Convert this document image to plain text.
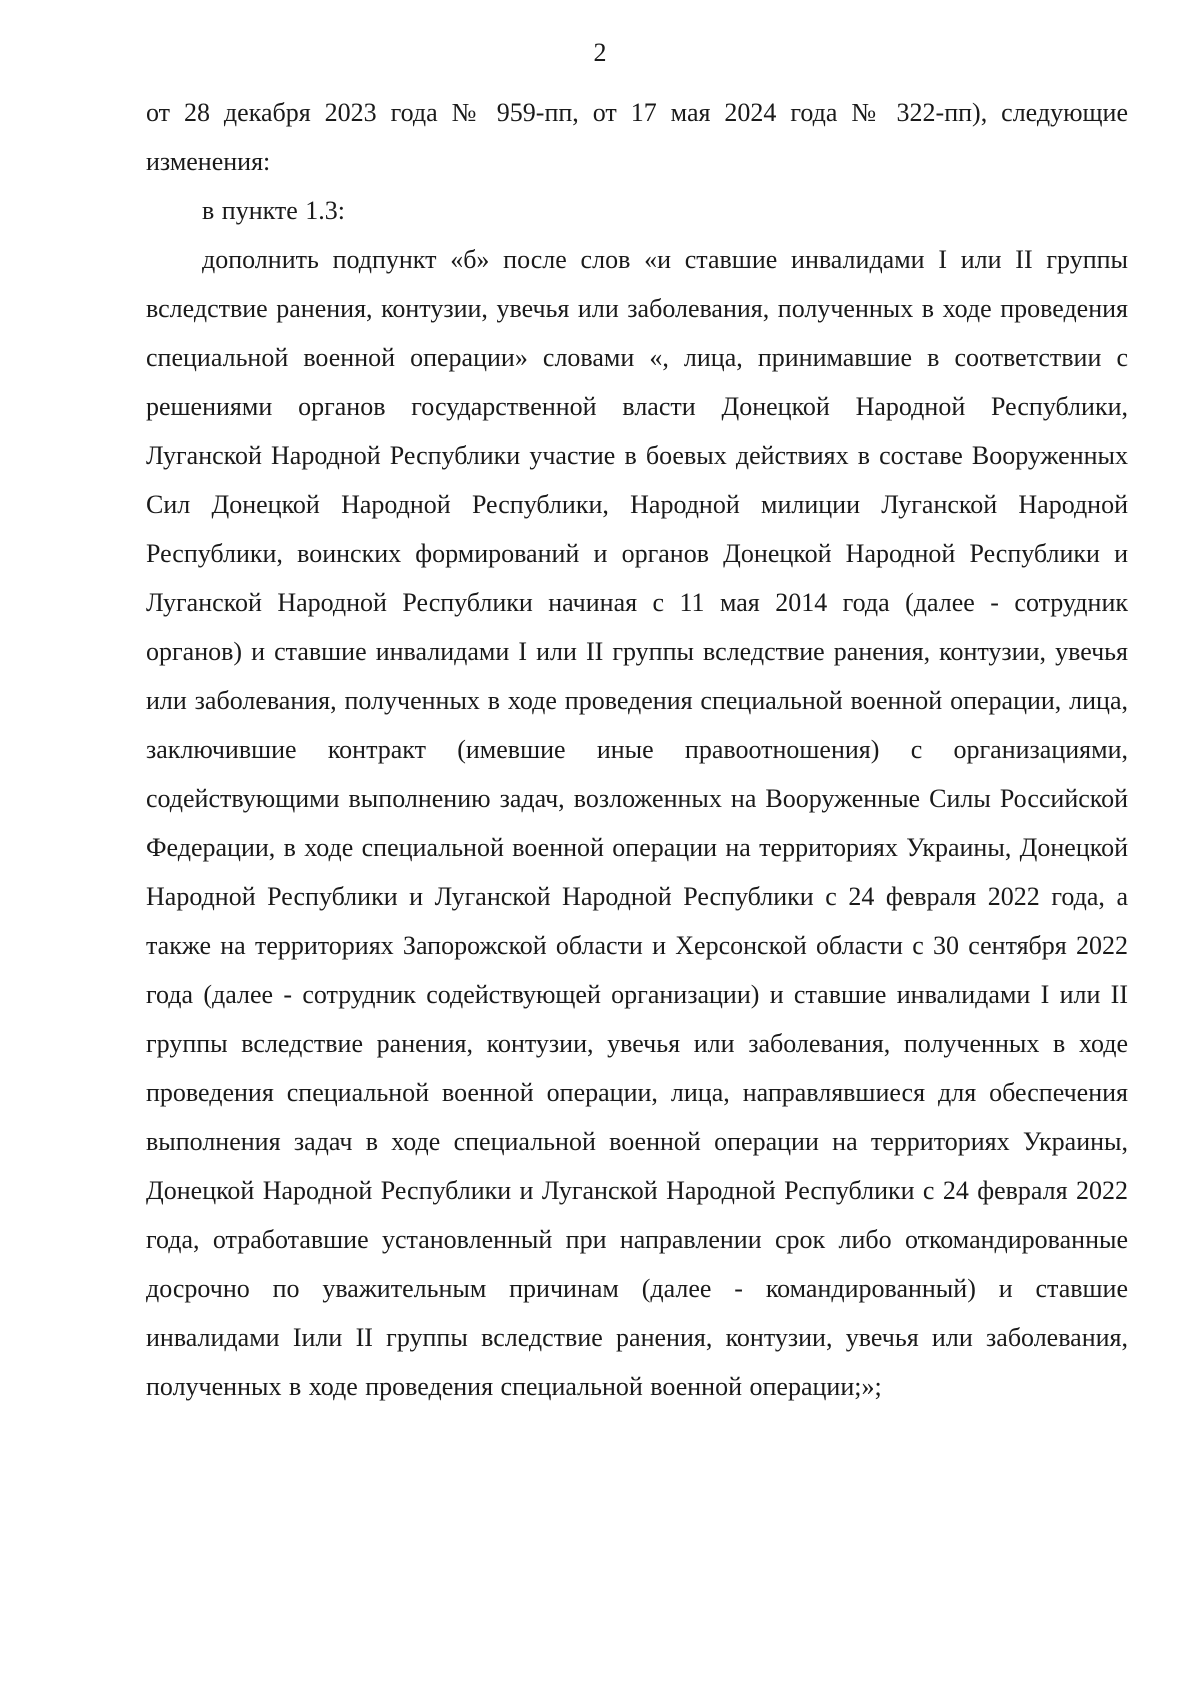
2

от 28 декабря 2023 года № 959-пп, от 17 мая 2024 года № 322-пп), следующие изменения:

в пункте 1.3:

дополнить подпункт «б» после слов «и ставшие инвалидами I или II группы вследствие ранения, контузии, увечья или заболевания, полученных в ходе проведения специальной военной операции» словами «, лица, принимавшие в соответствии с решениями органов государственной власти Донецкой Народной Республики, Луганской Народной Республики участие в боевых действиях в составе Вооруженных Сил Донецкой Народной Республики, Народной милиции Луганской Народной Республики, воинских формирований и органов Донецкой Народной Республики и Луганской Народной Республики начиная с 11 мая 2014 года (далее - сотрудник органов) и ставшие инвалидами I или II группы вследствие ранения, контузии, увечья или заболевания, полученных в ходе проведения специальной военной операции, лица, заключившие контракт (имевшие иные правоотношения) с организациями, содействующими выполнению задач, возложенных на Вооруженные Силы Российской Федерации, в ходе специальной военной операции на территориях Украины, Донецкой Народной Республики и Луганской Народной Республики с 24 февраля 2022 года, а также на территориях Запорожской области и Херсонской области с 30 сентября 2022 года (далее - сотрудник содействующей организации) и ставшие инвалидами I или II группы вследствие ранения, контузии, увечья или заболевания, полученных в ходе проведения специальной военной операции, лица, направлявшиеся для обеспечения выполнения задач в ходе специальной военной операции на территориях Украины, Донецкой Народной Республики и Луганской Народной Республики с 24 февраля 2022 года, отработавшие установленный при направлении срок либо откомандированные досрочно по уважительным причинам (далее - командированный) и ставшие инвалидами Iили II группы вследствие ранения, контузии, увечья или заболевания, полученных в ходе проведения специальной военной операции;»;
